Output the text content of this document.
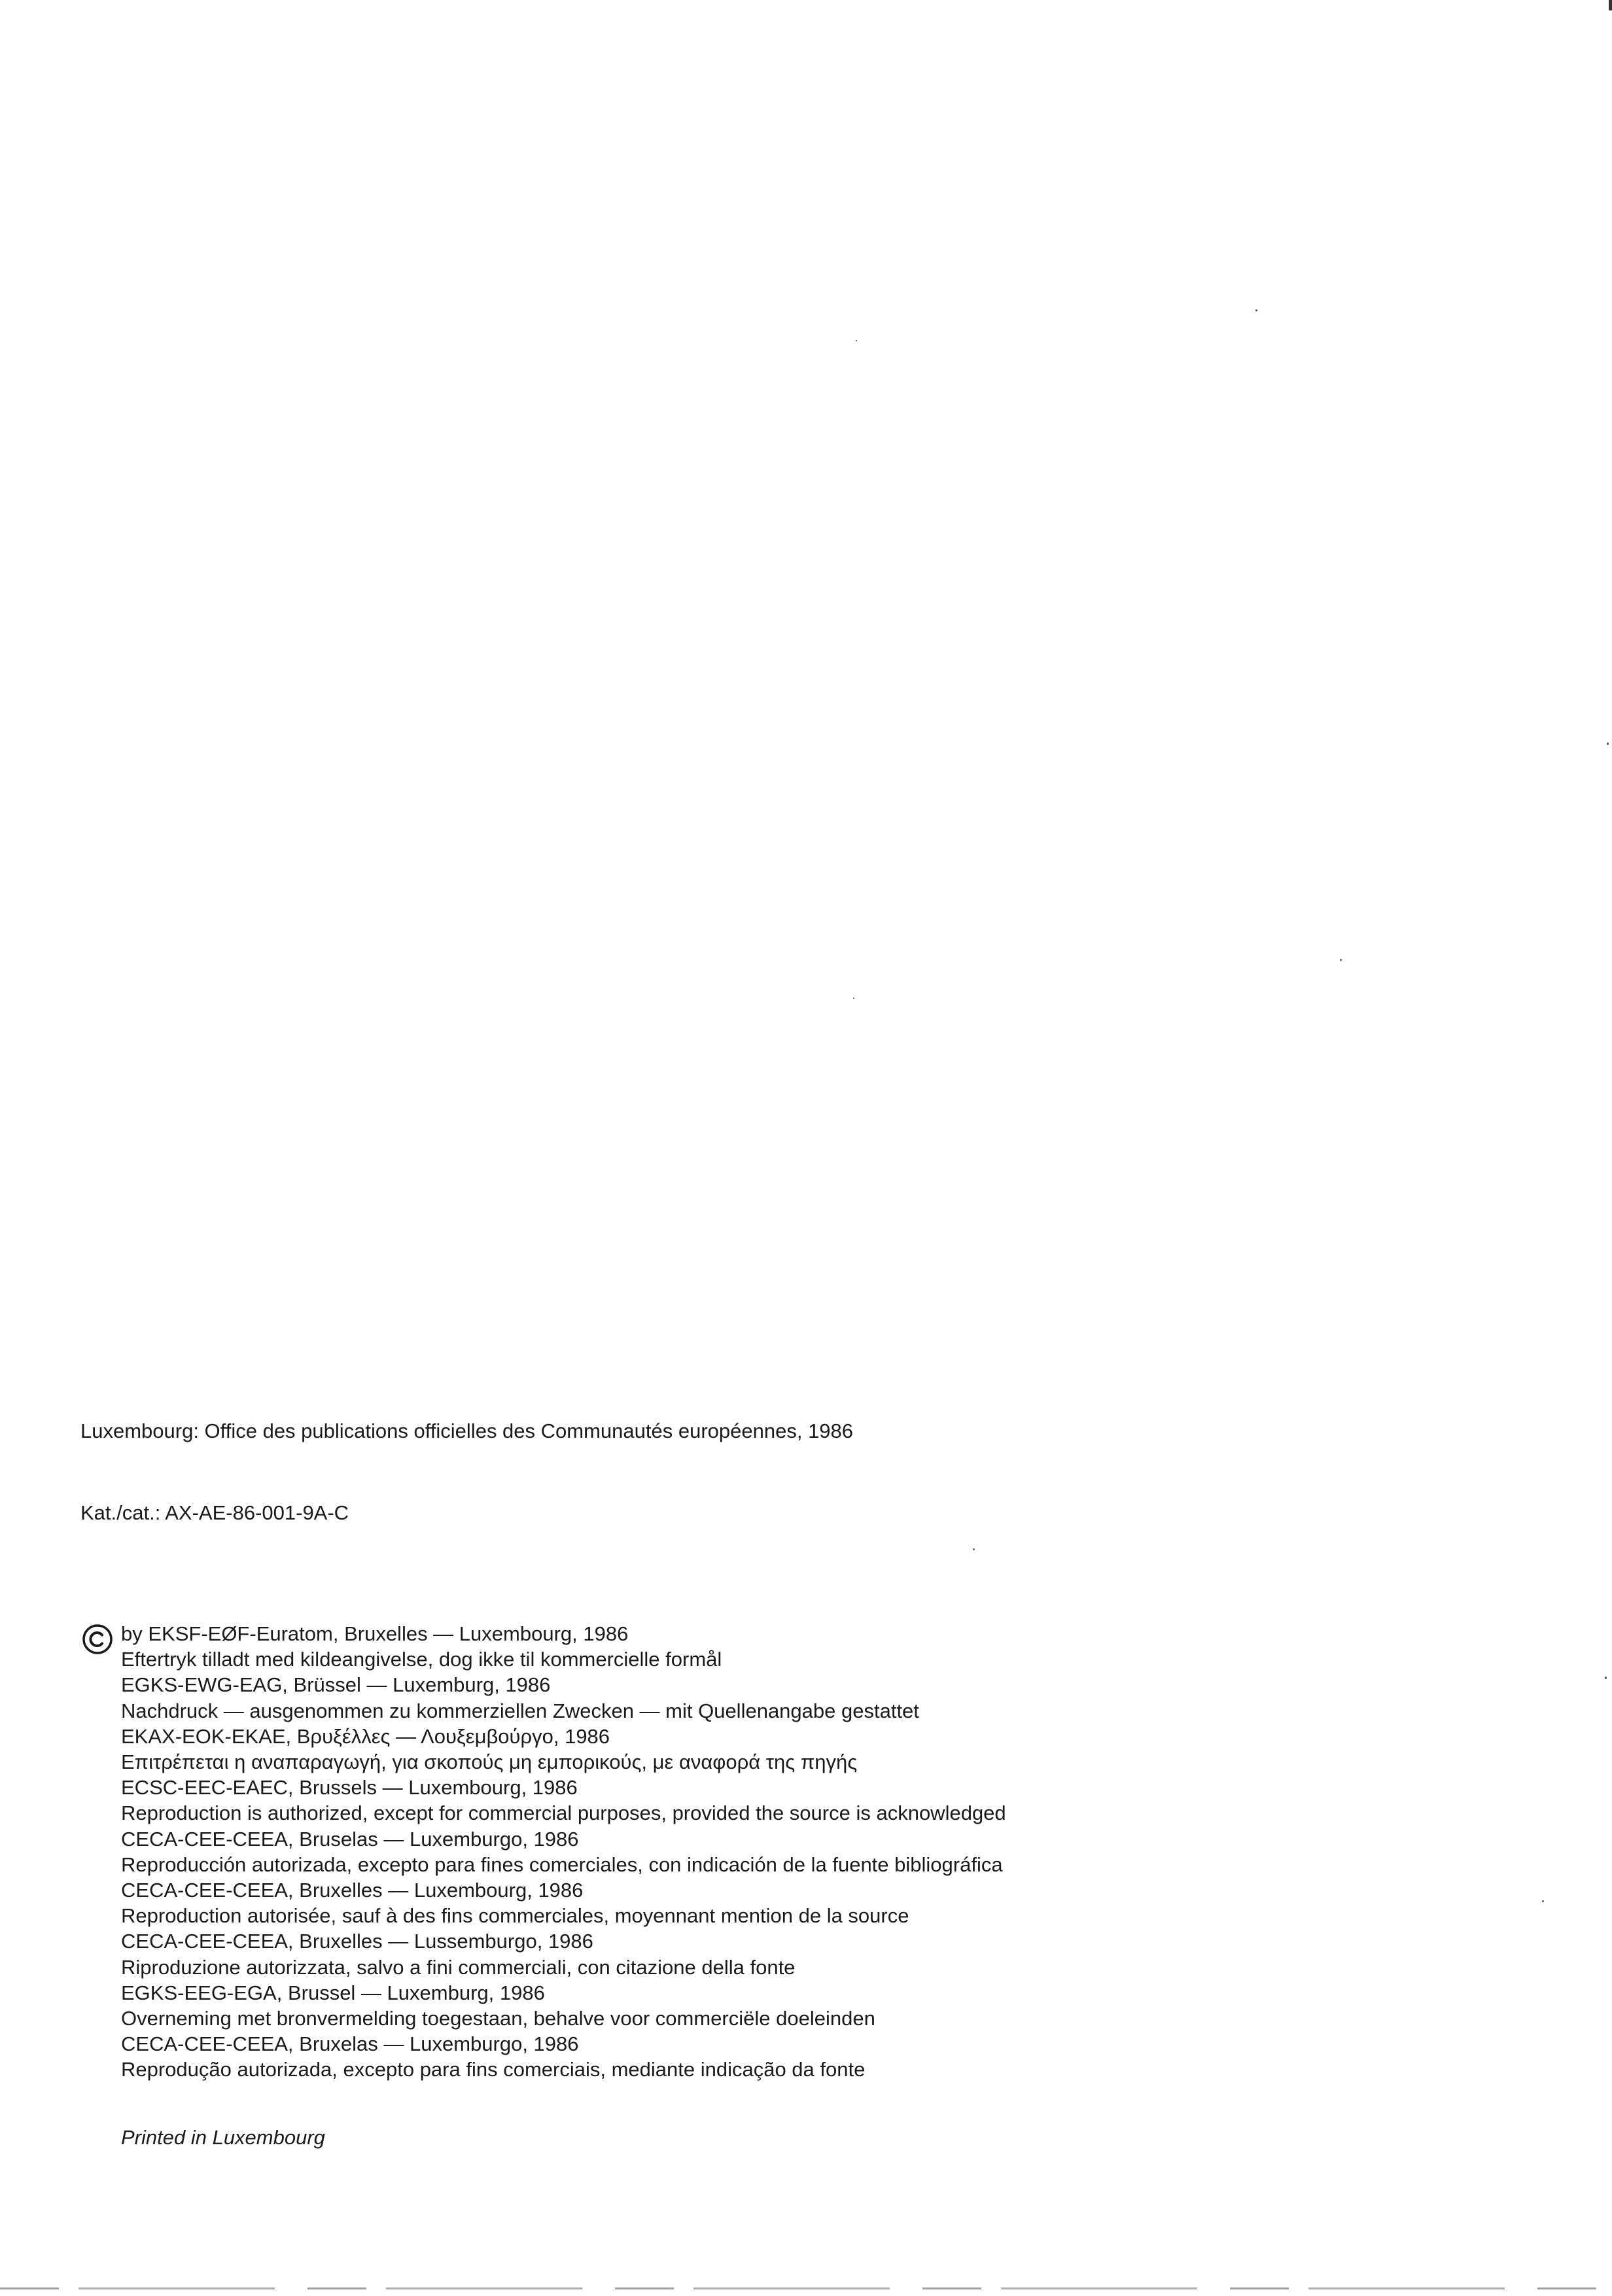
Luxembourg: Office des publications officielles des Communautés européennes, 1986
Kat./cat.: AX-AE-86-001-9A-C
by EKSF-EØF-Euratom, Bruxelles — Luxembourg, 1986
Eftertryk tilladt med kildeangivelse, dog ikke til kommercielle formål
EGKS-EWG-EAG, Brüssel — Luxemburg, 1986
Nachdruck — ausgenommen zu kommerziellen Zwecken — mit Quellenangabe gestattet
EKAX-EOK-EKAE, Βρυξέλλες — Λουξεμβούργο, 1986
Επιτρέπεται η αναπαραγωγή, για σκοπούς μη εμπορικούς, με αναφορά της πηγής
ECSC-EEC-EAEC, Brussels — Luxembourg, 1986
Reproduction is authorized, except for commercial purposes, provided the source is acknowledged
CECA-CEE-CEEA, Bruselas — Luxemburgo, 1986
Reproducción autorizada, excepto para fines comerciales, con indicación de la fuente bibliográfica
CECA-CEE-CEEA, Bruxelles — Luxembourg, 1986
Reproduction autorisée, sauf à des fins commerciales, moyennant mention de la source
CECA-CEE-CEEA, Bruxelles — Lussemburgo, 1986
Riproduzione autorizzata, salvo a fini commerciali, con citazione della fonte
EGKS-EEG-EGA, Brussel — Luxemburg, 1986
Overneming met bronvermelding toegestaan, behalve voor commerciële doeleinden
CECA-CEE-CEEA, Bruxelas — Luxemburgo, 1986
Reprodução autorizada, excepto para fins comerciais, mediante indicação da fonte
Printed in Luxembourg
